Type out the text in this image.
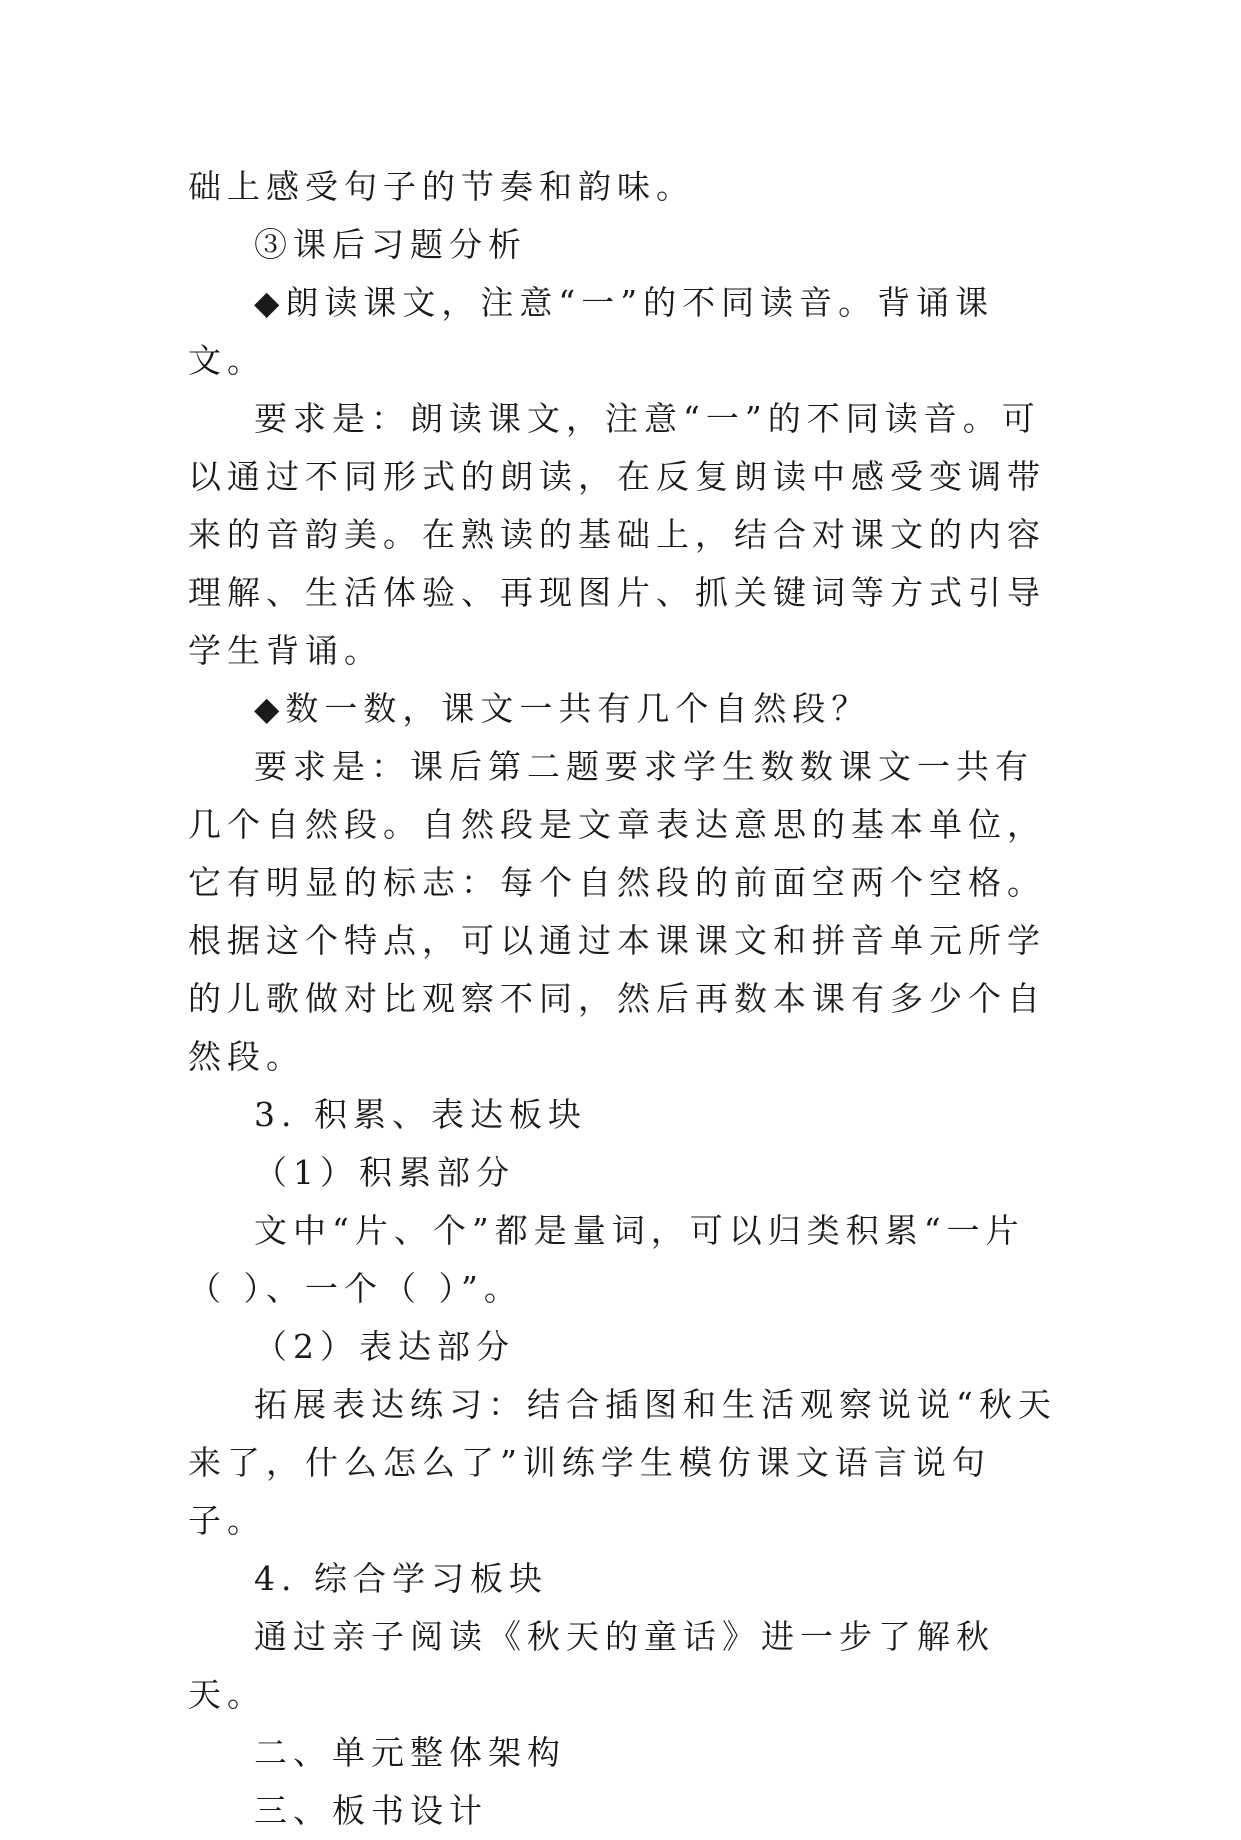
础上感受句子的节奏和韵味。

③课后习题分析

◆朗读课文，注意“一”的不同读音。背诵课文。

要求是：朗读课文，注意“一”的不同读音。可以通过不同形式的朗读，在反复朗读中感受变调带来的音韵美。在熟读的基础上，结合对课文的内容理解、生活体验、再现图片、抓关键词等方式引导学生背诵。

◆数一数，课文一共有几个自然段？

要求是：课后第二题要求学生数数课文一共有几个自然段。自然段是文章表达意思的基本单位，它有明显的标志：每个自然段的前面空两个空格。根据这个特点，可以通过本课课文和拼音单元所学的儿歌做对比观察不同，然后再数本课有多少个自然段。

3. 积累、表达板块

（1）积累部分

文中“片、个”都是量词，可以归类积累“一片（ ）、一个（ ）”。

（2）表达部分

拓展表达练习：结合插图和生活观察说说“秋天来了，什么怎么了”训练学生模仿课文语言说句子。

4. 综合学习板块

通过亲子阅读《秋天的童话》进一步了解秋天。

二、单元整体架构

三、板书设计
